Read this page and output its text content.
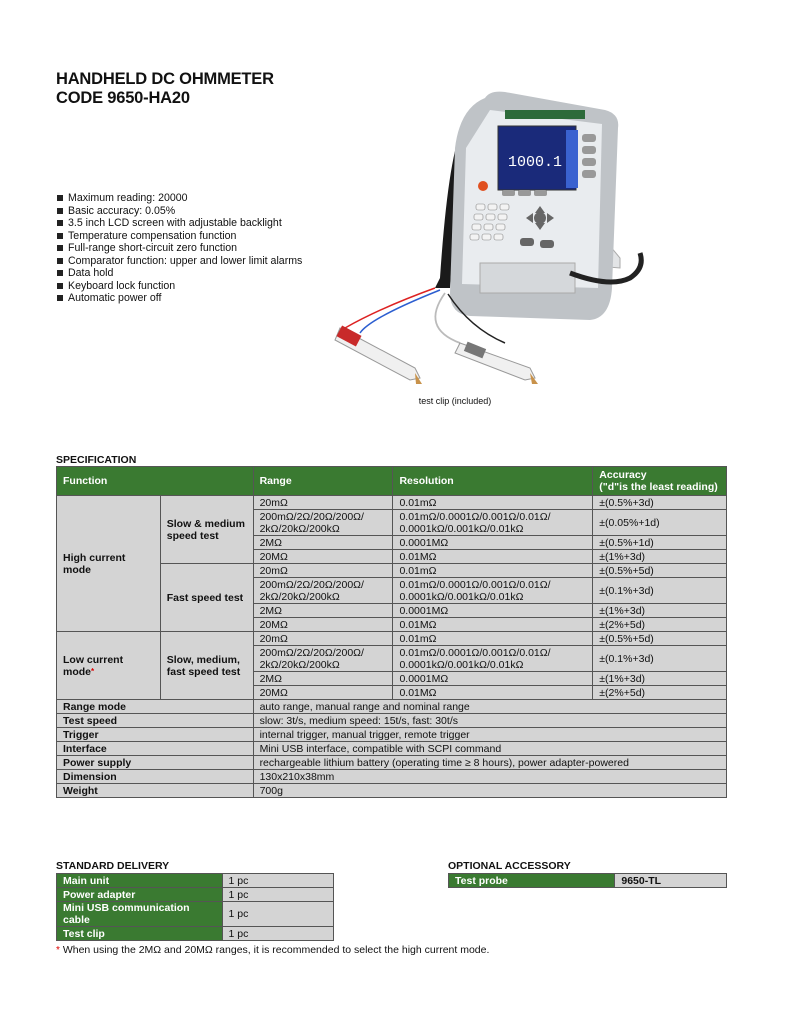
HANDHELD DC OHMMETER
CODE 9650-HA20
Maximum reading: 20000
Basic accuracy: 0.05%
3.5 inch LCD screen with adjustable backlight
Temperature compensation function
Full-range short-circuit zero function
Comparator function: upper and lower limit alarms
Data hold
Keyboard lock function
Automatic power off
1000.1
test clip (included)
SPECIFICATION
Function		Range	Resolution	Accuracy
("d"is the least reading)

High current mode	Slow & medium speed test	20mΩ	0.01mΩ	±(0.5%+3d)
		200mΩ/2Ω/20Ω/200Ω/ 2kΩ/20kΩ/200kΩ	0.01mΩ/0.0001Ω/0.001Ω/0.01Ω/ 0.0001kΩ/0.001kΩ/0.01kΩ	±(0.05%+1d)
		2MΩ	0.0001MΩ	±(0.5%+1d)
		20MΩ	0.01MΩ	±(1%+3d)
	Fast speed test	20mΩ	0.01mΩ	±(0.5%+5d)
		200mΩ/2Ω/20Ω/200Ω/ 2kΩ/20kΩ/200kΩ	0.01mΩ/0.0001Ω/0.001Ω/0.01Ω/ 0.0001kΩ/0.001kΩ/0.01kΩ	±(0.1%+3d)
		2MΩ	0.0001MΩ	±(1%+3d)
		20MΩ	0.01MΩ	±(2%+5d)
Low current mode*	Slow, medium, fast speed test	20mΩ	0.01mΩ	±(0.5%+5d)
		200mΩ/2Ω/20Ω/200Ω/ 2kΩ/20kΩ/200kΩ	0.01mΩ/0.0001Ω/0.001Ω/0.01Ω/ 0.0001kΩ/0.001kΩ/0.01kΩ	±(0.1%+3d)
		2MΩ	0.0001MΩ	±(1%+3d)
		20MΩ	0.01MΩ	±(2%+5d)
Range mode		auto range, manual range and nominal range		
Test speed		slow: 3t/s, medium speed: 15t/s, fast: 30t/s		
Trigger		internal trigger, manual trigger, remote trigger		
Interface		Mini USB interface, compatible with SCPI command		
Power supply		rechargeable lithium battery (operating time ≥ 8 hours), power adapter-powered		
Dimension		130x210x38mm		
Weight		700g		
STANDARD DELIVERY
Main unit	1 pc
Power adapter	1 pc
Mini USB communication cable	1 pc
Test clip	1 pc
OPTIONAL ACCESSORY
Test probe	9650-TL
* When using the 2MΩ and 20MΩ ranges, it is recommended to select the high current mode.
